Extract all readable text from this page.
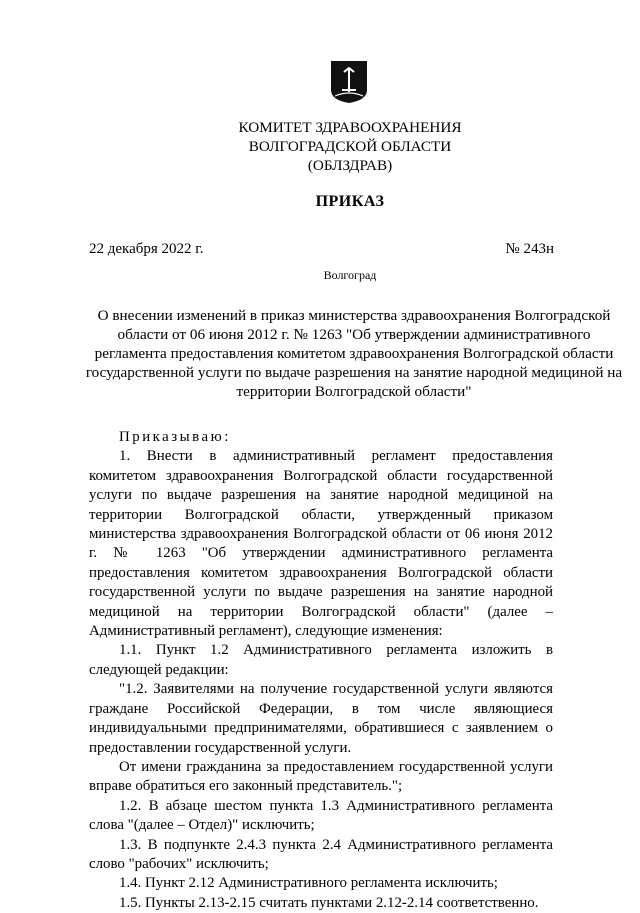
КОМИТЕТ ЗДРАВООХРАНЕНИЯ
ВОЛГОГРАДСКОЙ ОБЛАСТИ
(ОБЛЗДРАВ)
ПРИКАЗ
22 декабря 2022 г.	№ 243н
Волгоград
О внесении изменений в приказ министерства здравоохранения Волгоградской области от 06 июня 2012 г. № 1263 "Об утверждении административного регламента предоставления комитетом здравоохранения Волгоградской области государственной услуги по выдаче разрешения на занятие народной медициной на территории Волгоградской области"

Приказываю:

1. Внести в административный регламент предоставления комитетом здравоохранения Волгоградской области государственной услуги по выдаче разрешения на занятие народной медициной на территории Волгоградской области, утвержденный приказом министерства здравоохранения Волгоградской области от 06 июня 2012 г. № 1263 "Об утверждении административного регламента предоставления комитетом здравоохранения Волгоградской области государственной услуги по выдаче разрешения на занятие народной медициной на территории Волгоградской области" (далее – Административный регламент), следующие изменения:

1.1. Пункт 1.2 Административного регламента изложить в следующей редакции:

"1.2. Заявителями на получение государственной услуги являются граждане Российской Федерации, в том числе являющиеся индивидуальными предпринимателями, обратившиеся с заявлением о предоставлении государственной услуги.

От имени гражданина за предоставлением государственной услуги вправе обратиться его законный представитель.";

1.2. В абзаце шестом пункта 1.3 Административного регламента слова "(далее – Отдел)" исключить;

1.3. В подпункте 2.4.3 пункта 2.4 Административного регламента слово "рабочих" исключить;

1.4. Пункт 2.12 Административного регламента исключить;

1.5. Пункты 2.13-2.15 считать пунктами 2.12-2.14 соответственно.
